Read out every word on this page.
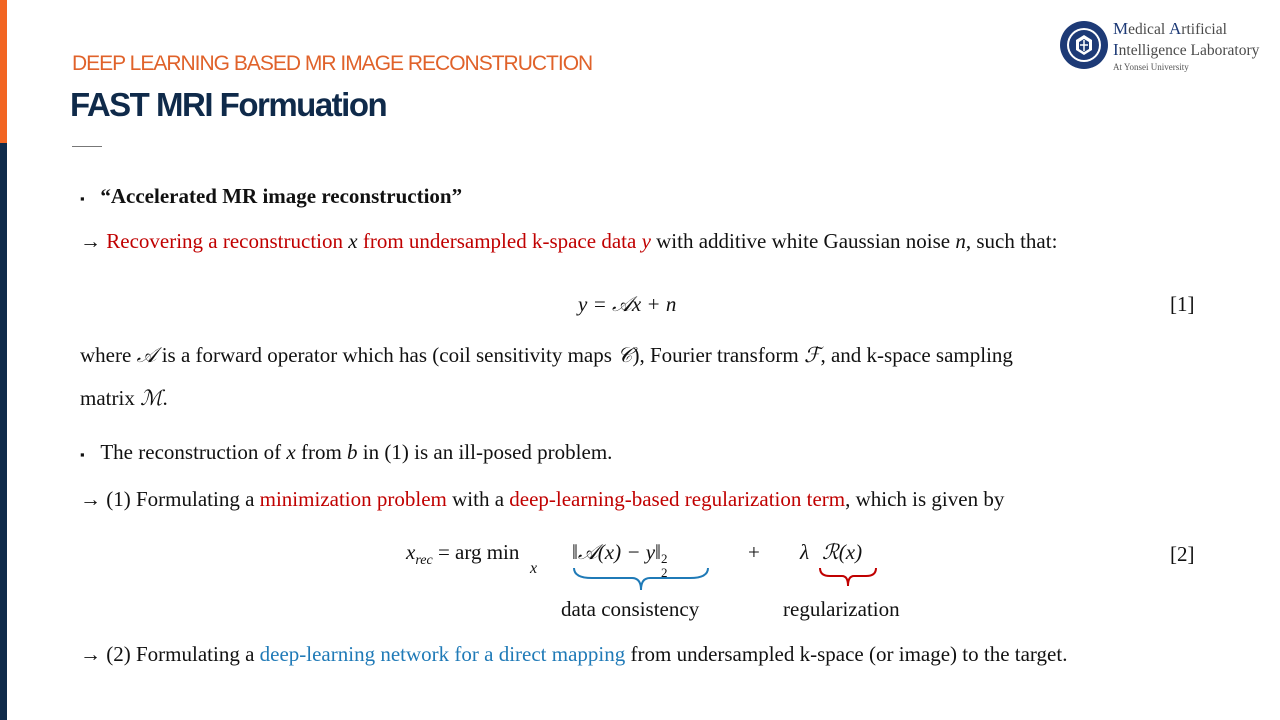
DEEP LEARNING BASED MR IMAGE RECONSTRUCTION
FAST MRI Formuation
Medical Artificial
Intelligence Laboratory
At Yonsei University
▪ “Accelerated MR image reconstruction”
→ Recovering a reconstruction x from undersampled k-space data y with additive white Gaussian noise n, such that:
y = 𝒜x + n	[1]
where 𝒜 is a forward operator which has (coil sensitivity maps 𝒞), Fourier transform ℱ, and k-space sampling
matrix ℳ.
▪ The reconstruction of x from b in (1) is an ill-posed problem.
→ (1) Formulating a minimization problem with a deep-learning-based regularization term, which is given by
$x_{rec}$ = arg min
x
‖𝒜(x) − y‖ 2
2
+ λ ℛ(x)	[2]
data consistency	regularization
→ (2) Formulating a deep-learning network for a direct mapping from undersampled k-space (or image) to the target.
